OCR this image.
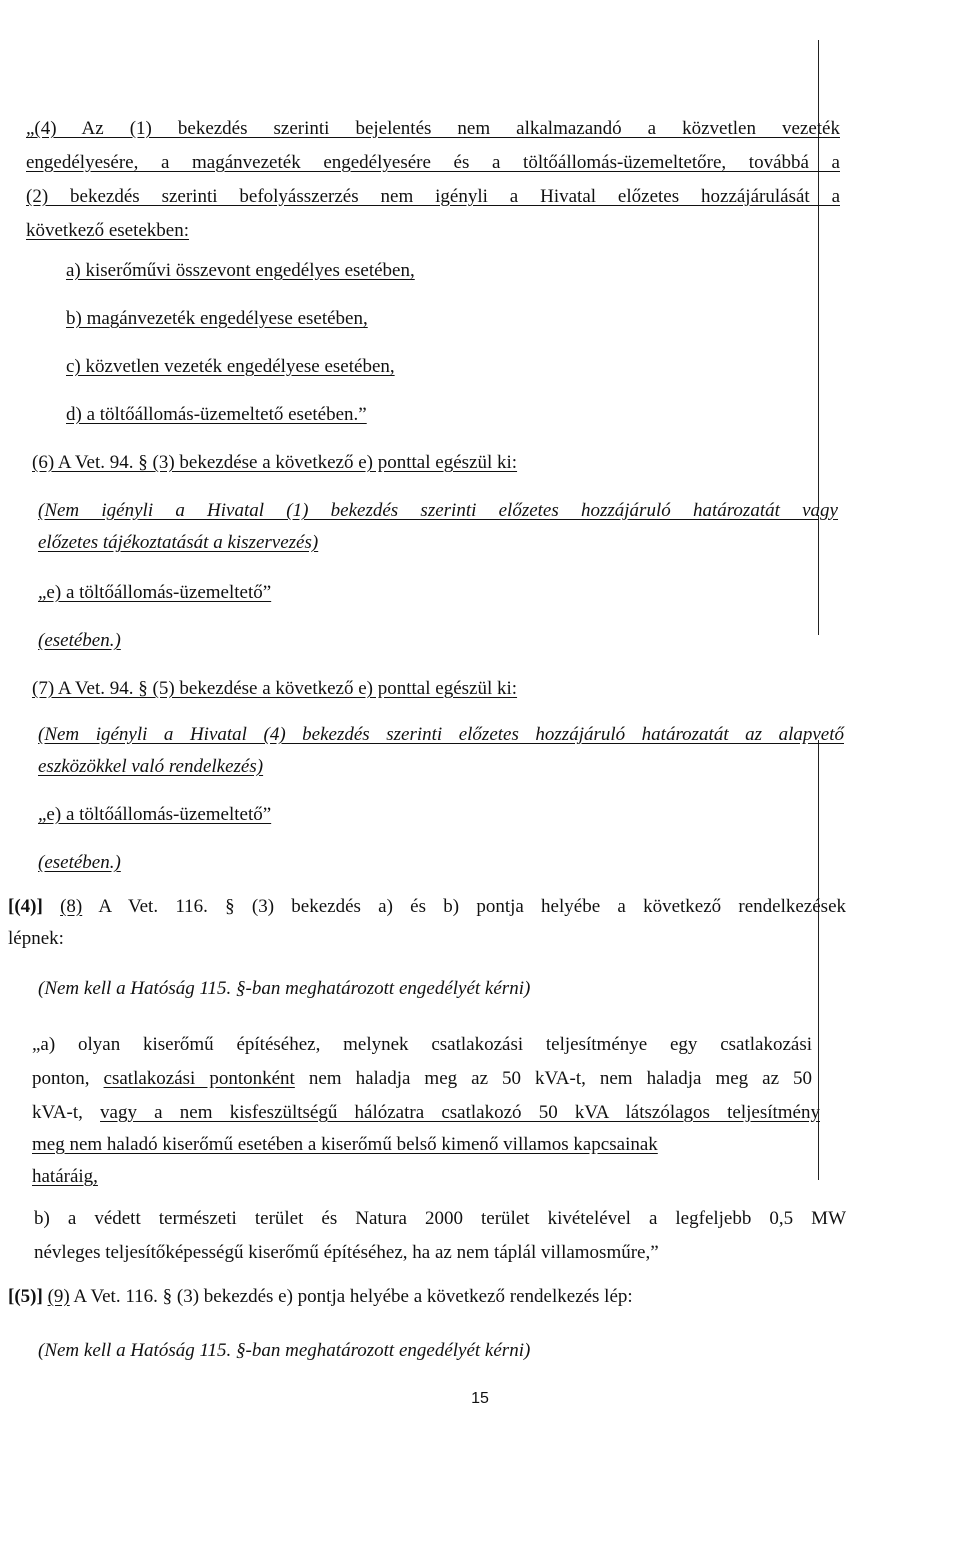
„(4) Az (1) bekezdés szerinti bejelentés nem alkalmazandó a közvetlen vezeték
engedélyesére, a magánvezeték engedélyesére és a töltőállomás-üzemeltetőre, továbbá a
(2) bekezdés szerinti befolyásszerzés nem igényli a Hivatal előzetes hozzájárulását a
következő esetekben:
a) kiserőművi összevont engedélyes esetében,
b) magánvezeték engedélyese esetében,
c) közvetlen vezeték engedélyese esetében,
d) a töltőállomás-üzemeltető esetében.”
(6) A Vet. 94. § (3) bekezdése a következő e) ponttal egészül ki:
(Nem igényli a Hivatal (1) bekezdés szerinti előzetes hozzájáruló határozatát vagy
előzetes tájékoztatását a kiszervezés)
„e) a töltőállomás-üzemeltető”
(esetében.)
(7) A Vet. 94. § (5) bekezdése a következő e) ponttal egészül ki:
(Nem igényli a Hivatal (4) bekezdés szerinti előzetes hozzájáruló határozatát az alapvető
eszközökkel való rendelkezés)
„e) a töltőállomás-üzemeltető”
(esetében.)
[(4)] (8) A Vet. 116. § (3) bekezdés a) és b) pontja helyébe a következő rendelkezések
lépnek:
(Nem kell a Hatóság 115. §-ban meghatározott engedélyét kérni)
„a) olyan kiserőmű építéséhez, melynek csatlakozási teljesítménye egy csatlakozási
ponton, csatlakozási pontonként nem haladja meg az 50 kVA-t, nem haladja meg az 50
kVA-t, vagy a nem kisfeszültségű hálózatra csatlakozó 50 kVA látszólagos teljesítmény
meg nem haladó kiserőmű esetében a kiserőmű belső kimenő villamos kapcsainak
határáig,
b) a védett természeti terület és Natura 2000 terület kivételével a legfeljebb 0,5 MW
névleges teljesítőképességű kiserőmű építéséhez, ha az nem táplál villamosműre,”
[(5)] (9) A Vet. 116. § (3) bekezdés e) pontja helyébe a következő rendelkezés lép:
(Nem kell a Hatóság 115. §-ban meghatározott engedélyét kérni)
15
